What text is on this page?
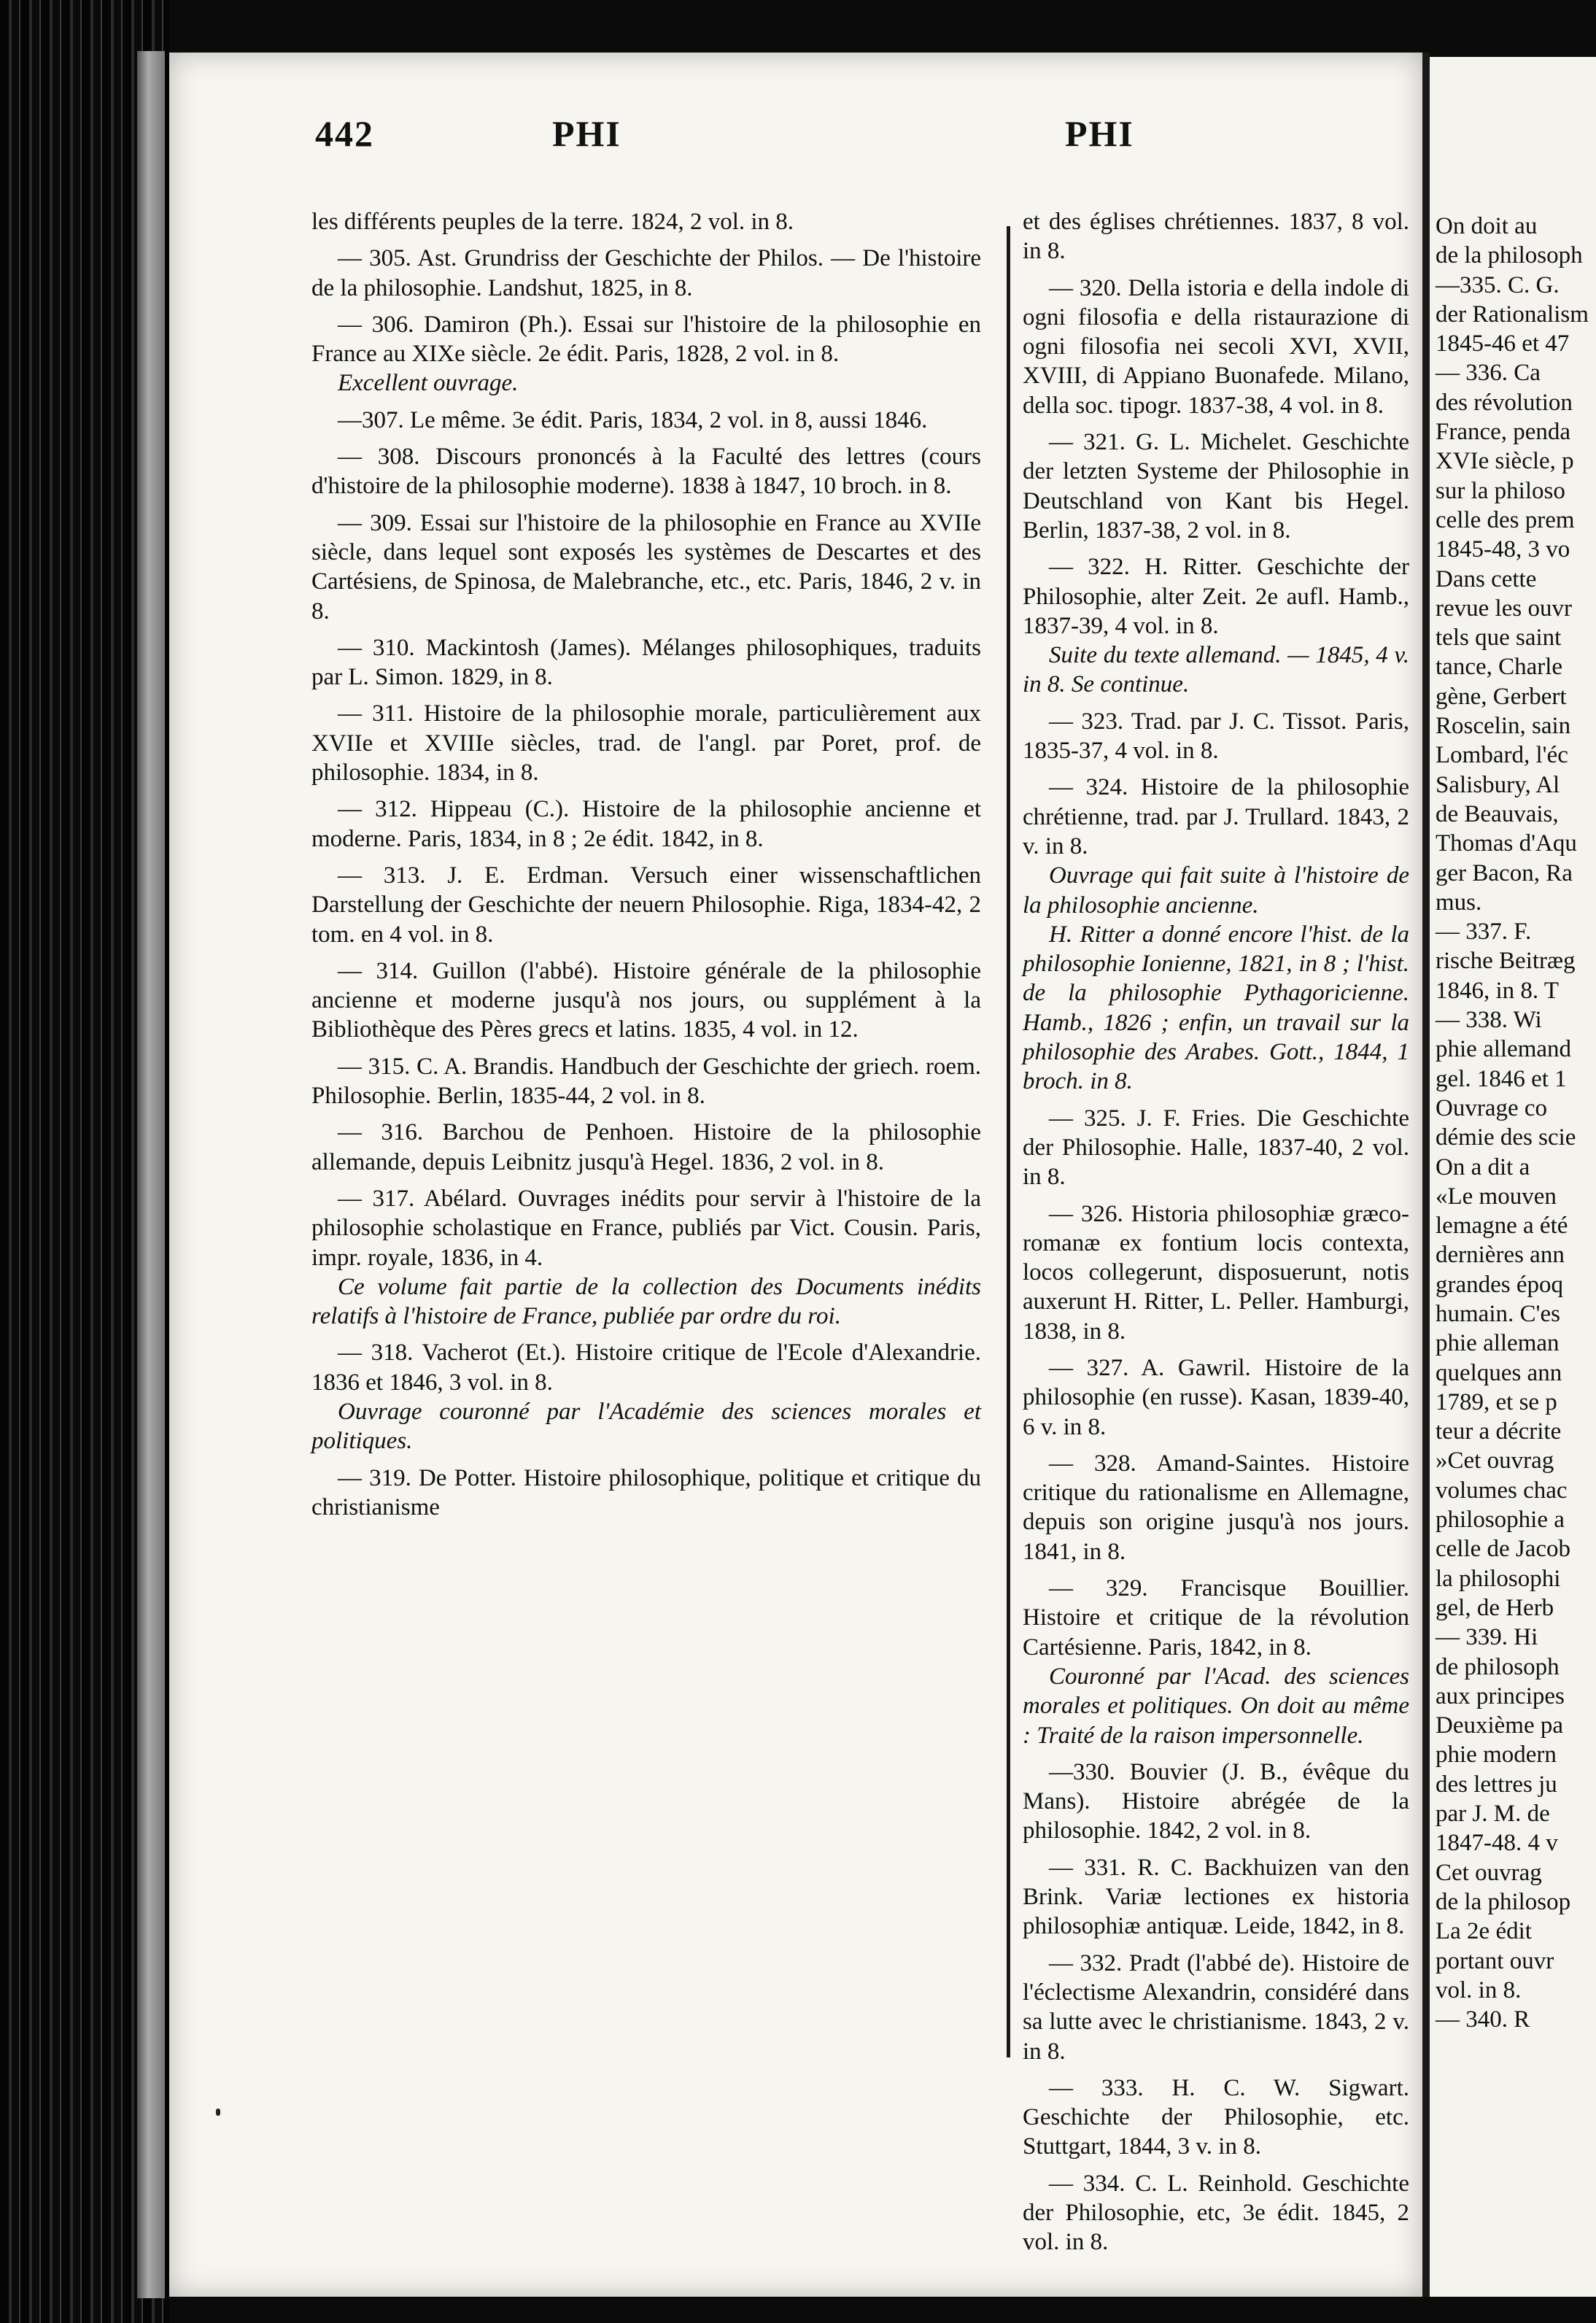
442	PHI	PHI

les différents peuples de la terre. 1824, 2 vol. in 8.

— 305. Ast. Grundriss der Geschichte der Philos. — De l'histoire de la philosophie. Landshut, 1825, in 8.

— 306. Damiron (Ph.). Essai sur l'histoire de la philosophie en France au XIXe siècle. 2e édit. Paris, 1828, 2 vol. in 8.

Excellent ouvrage.

—307. Le même. 3e édit. Paris, 1834, 2 vol. in 8, aussi 1846.

— 308. Discours prononcés à la Faculté des lettres (cours d'histoire de la philosophie moderne). 1838 à 1847, 10 broch. in 8.

— 309. Essai sur l'histoire de la philosophie en France au XVIIe siècle, dans lequel sont exposés les systèmes de Descartes et des Cartésiens, de Spinosa, de Malebranche, etc., etc. Paris, 1846, 2 v. in 8.

— 310. Mackintosh (James). Mélanges philosophiques, traduits par L. Simon. 1829, in 8.

— 311. Histoire de la philosophie morale, particulièrement aux XVIIe et XVIIIe siècles, trad. de l'angl. par Poret, prof. de philosophie. 1834, in 8.

— 312. Hippeau (C.). Histoire de la philosophie ancienne et moderne. Paris, 1834, in 8 ; 2e édit. 1842, in 8.

— 313. J. E. Erdman. Versuch einer wissenschaftlichen Darstellung der Geschichte der neuern Philosophie. Riga, 1834-42, 2 tom. en 4 vol. in 8.

— 314. Guillon (l'abbé). Histoire générale de la philosophie ancienne et moderne jusqu'à nos jours, ou supplément à la Bibliothèque des Pères grecs et latins. 1835, 4 vol. in 12.

— 315. C. A. Brandis. Handbuch der Geschichte der griech. roem. Philosophie. Berlin, 1835-44, 2 vol. in 8.

— 316. Barchou de Penhoen. Histoire de la philosophie allemande, depuis Leibnitz jusqu'à Hegel. 1836, 2 vol. in 8.

— 317. Abélard. Ouvrages inédits pour servir à l'histoire de la philosophie scholastique en France, publiés par Vict. Cousin. Paris, impr. royale, 1836, in 4.

Ce volume fait partie de la collection des Documents inédits relatifs à l'histoire de France, publiée par ordre du roi.

— 318. Vacherot (Et.). Histoire critique de l'Ecole d'Alexandrie. 1836 et 1846, 3 vol. in 8.

Ouvrage couronné par l'Académie des sciences morales et politiques.

— 319. De Potter. Histoire philosophique, politique et critique du christianisme

et des églises chrétiennes. 1837, 8 vol. in 8.

— 320. Della istoria e della indole di ogni filosofia e della ristaurazione di ogni filosofia nei secoli XVI, XVII, XVIII, di Appiano Buonafede. Milano, della soc. tipogr. 1837-38, 4 vol. in 8.

— 321. G. L. Michelet. Geschichte der letzten Systeme der Philosophie in Deutschland von Kant bis Hegel. Berlin, 1837-38, 2 vol. in 8.

— 322. H. Ritter. Geschichte der Philosophie, alter Zeit. 2e aufl. Hamb., 1837-39, 4 vol. in 8.

Suite du texte allemand. — 1845, 4 v. in 8. Se continue.

— 323. Trad. par J. C. Tissot. Paris, 1835-37, 4 vol. in 8.

— 324. Histoire de la philosophie chrétienne, trad. par J. Trullard. 1843, 2 v. in 8.

Ouvrage qui fait suite à l'histoire de la philosophie ancienne.

H. Ritter a donné encore l'hist. de la philosophie Ionienne, 1821, in 8 ; l'hist. de la philosophie Pythagoricienne. Hamb., 1826 ; enfin, un travail sur la philosophie des Arabes. Gott., 1844, 1 broch. in 8.

— 325. J. F. Fries. Die Geschichte der Philosophie. Halle, 1837-40, 2 vol. in 8.

— 326. Historia philosophiæ græco-romanæ ex fontium locis contexta, locos collegerunt, disposuerunt, notis auxerunt H. Ritter, L. Peller. Hamburgi, 1838, in 8.

— 327. A. Gawril. Histoire de la philosophie (en russe). Kasan, 1839-40, 6 v. in 8.

— 328. Amand-Saintes. Histoire critique du rationalisme en Allemagne, depuis son origine jusqu'à nos jours. 1841, in 8.

— 329. Francisque Bouillier. Histoire et critique de la révolution Cartésienne. Paris, 1842, in 8.

Couronné par l'Acad. des sciences morales et politiques. On doit au même : Traité de la raison impersonnelle.

—330. Bouvier (J. B., évêque du Mans). Histoire abrégée de la philosophie. 1842, 2 vol. in 8.

— 331. R. C. Backhuizen van den Brink. Variæ lectiones ex historia philosophiæ antiquæ. Leide, 1842, in 8.

— 332. Pradt (l'abbé de). Histoire de l'éclectisme Alexandrin, considéré dans sa lutte avec le christianisme. 1843, 2 v. in 8.

— 333. H. C. W. Sigwart. Geschichte der Philosophie, etc. Stuttgart, 1844, 3 v. in 8.

— 334. C. L. Reinhold. Geschichte der Philosophie, etc, 3e édit. 1845, 2 vol. in 8.

On doit au

de la philosoph

—335. C. G.

der Rationalism

1845-46 et 47

— 336. Ca

des révolution

France, penda

XVIe siècle, p

sur la philoso

celle des prem

1845-48, 3 vo

Dans cette

revue les ouvr

tels que saint

tance, Charle

gène, Gerbert

Roscelin, sain

Lombard, l'éc

Salisbury, Al

de Beauvais,

Thomas d'Aqu

ger Bacon, Ra

mus.

— 337. F.

rische Beitræg

1846, in 8. T

— 338. Wi

phie allemand

gel. 1846 et 1

Ouvrage co

démie des scie

On a dit a

«Le mouven

lemagne a été

dernières ann

grandes époq

humain. C'es

phie alleman

quelques ann

1789, et se p

teur a décrite

»Cet ouvrag

volumes chac

philosophie a

celle de Jacob

la philosophi

gel, de Herb

— 339. Hi

de philosoph

aux principes

Deuxième pa

phie modern

des lettres ju

par J. M. de

1847-48. 4 v

Cet ouvrag

de la philosop

La 2e édit

portant ouvr

vol. in 8.

— 340. R
